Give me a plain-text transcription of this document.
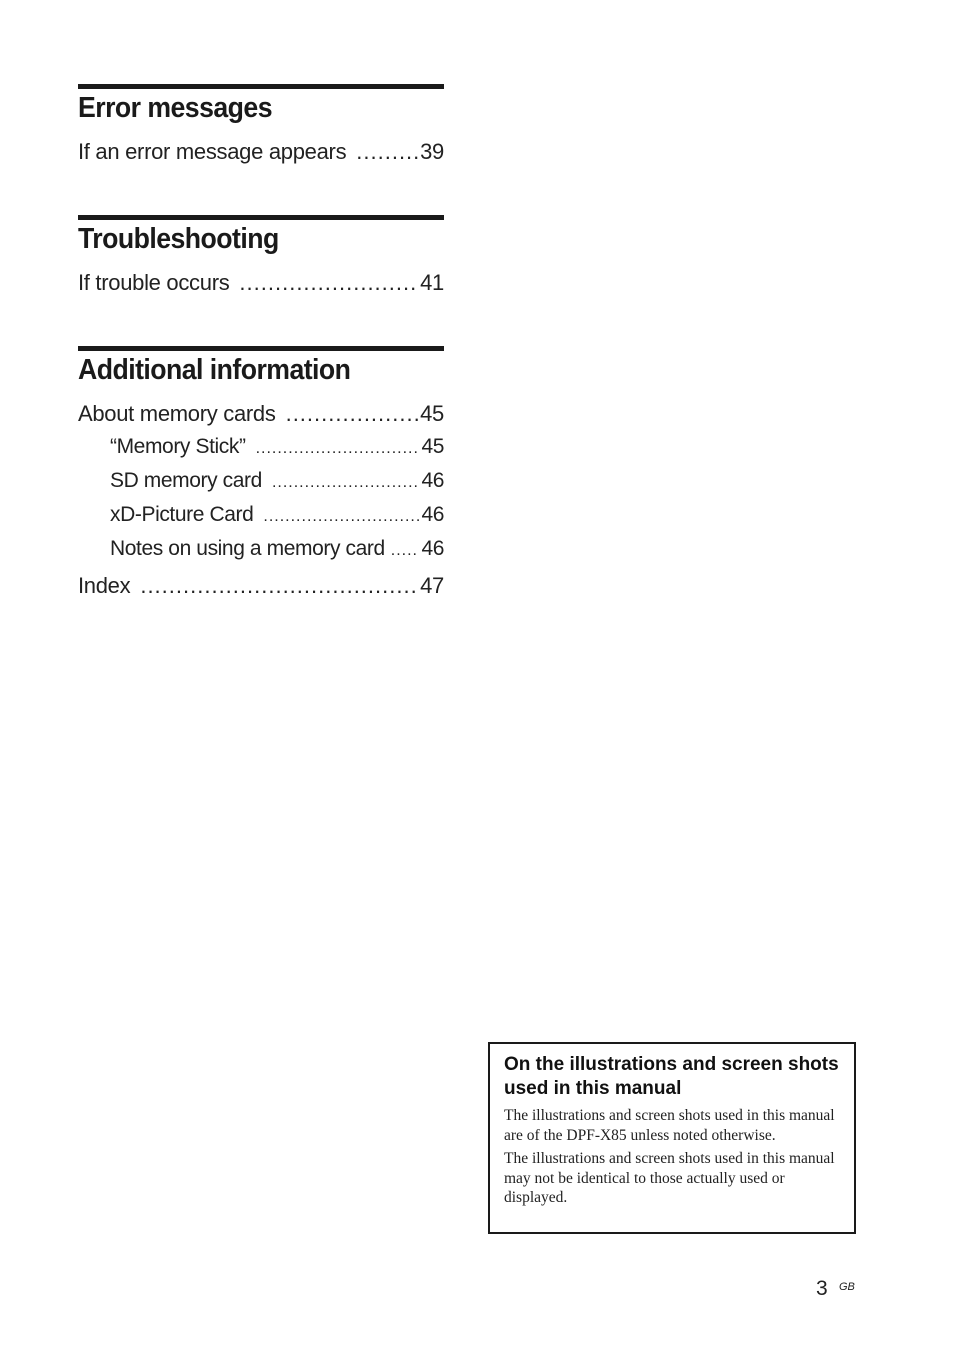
Error messages
If an error message appears .....	39
Troubleshooting
If trouble occurs .....	41
Additional information
About memory cards .....	45
“Memory Stick” .....	45
SD memory card .....	46
xD-Picture Card .....	46
Notes on using a memory card ..... 46
Index .....	47
On the illustrations and screen shots used in this manual

The illustrations and screen shots used in this manual are of the DPF-X85 unless noted otherwise.

The illustrations and screen shots used in this manual may not be identical to those actually used or displayed.

3 GB
